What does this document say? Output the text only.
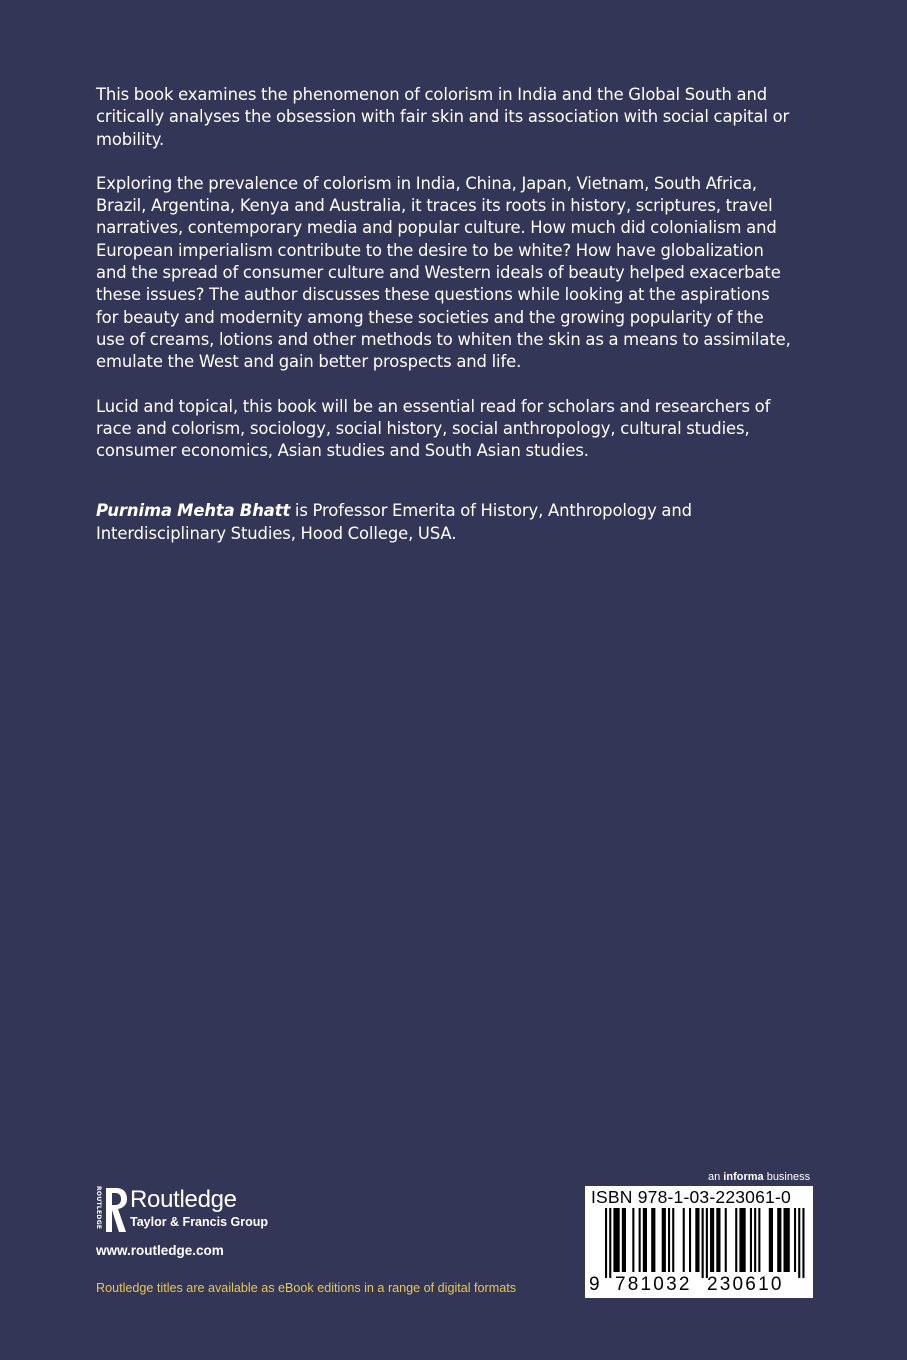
This book examines the phenomenon of colorism in India and the Global South and critically analyses the obsession with fair skin and its association with social capital or mobility.

Exploring the prevalence of colorism in India, China, Japan, Vietnam, South Africa, Brazil, Argentina, Kenya and Australia, it traces its roots in history, scriptures, travel narratives, contemporary media and popular culture. How much did colonialism and European imperialism contribute to the desire to be white? How have globalization and the spread of consumer culture and Western ideals of beauty helped exacerbate these issues? The author discusses these questions while looking at the aspirations for beauty and modernity among these societies and the growing popularity of the use of creams, lotions and other methods to whiten the skin as a means to assimilate, emulate the West and gain better prospects and life.

Lucid and topical, this book will be an essential read for scholars and researchers of race and colorism, sociology, social history, social anthropology, cultural studies, consumer economics, Asian studies and South Asian studies.

Purnima Mehta Bhatt is Professor Emerita of History, Anthropology and Interdisciplinary Studies, Hood College, USA.

ROUTLEDGE Routledge
Taylor & Francis Group
www.routledge.com
Routledge titles are available as eBook editions in a range of digital formats
an informa business
ISBN 978-1-03-223061-0
9 781032 230610
